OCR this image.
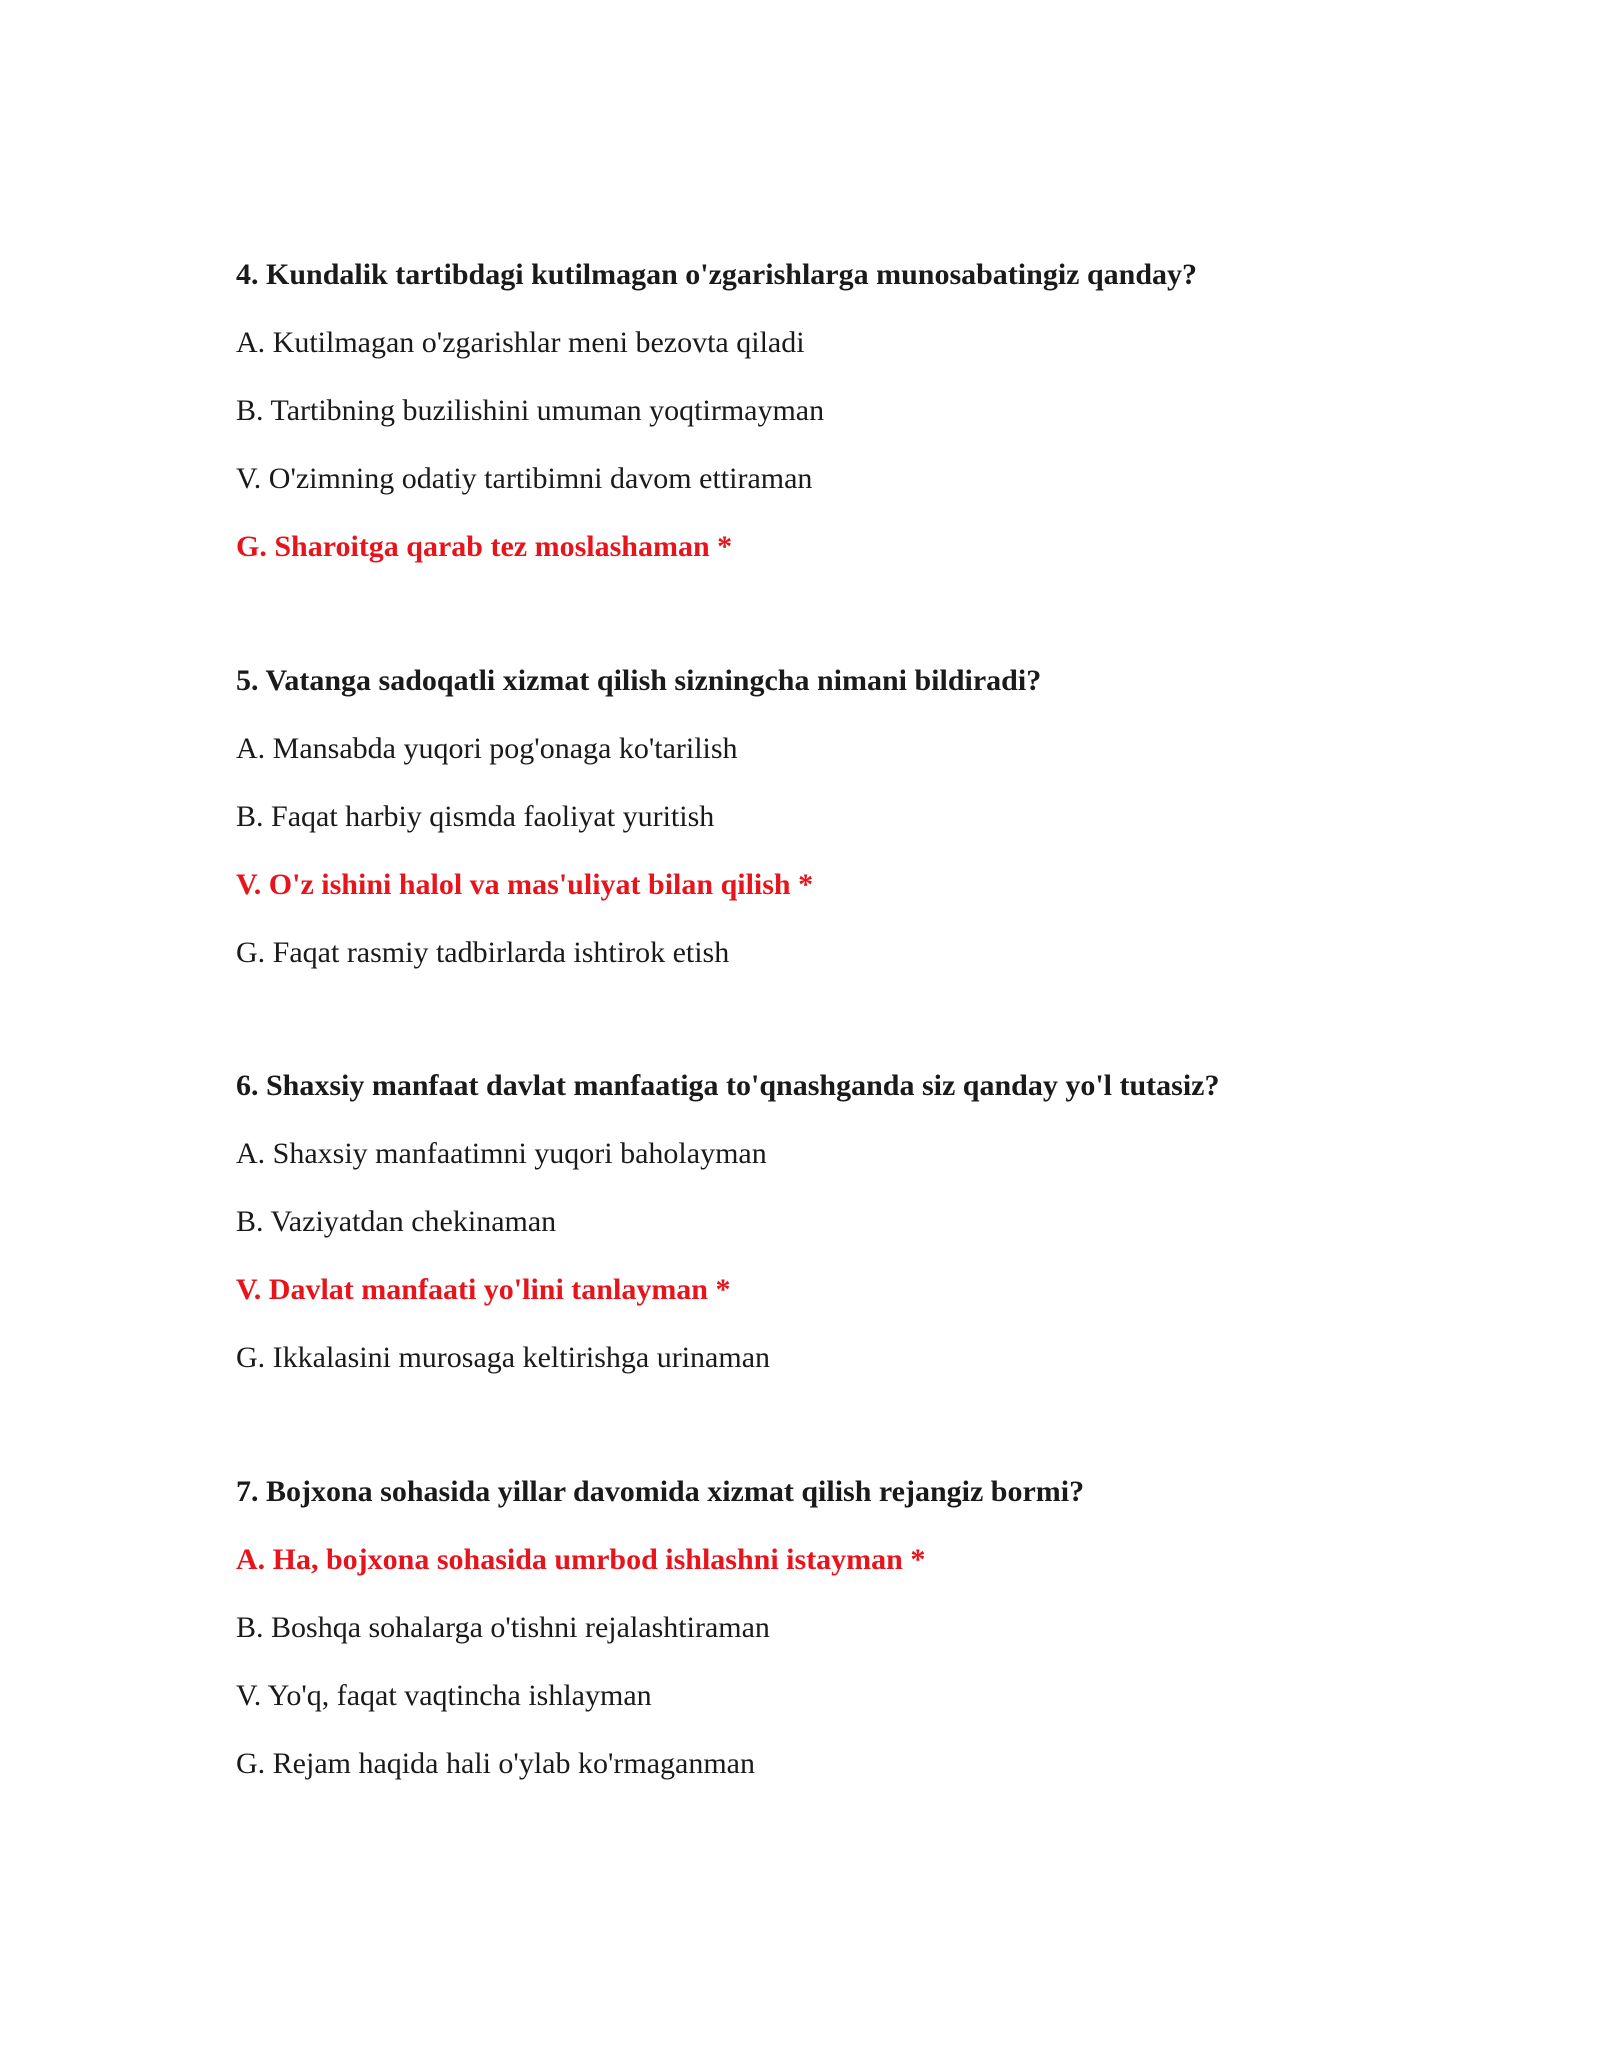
4. Kundalik tartibdagi kutilmagan o'zgarishlarga munosabatingiz qanday?

A. Kutilmagan o'zgarishlar meni bezovta qiladi

B. Tartibning buzilishini umuman yoqtirmayman

V. O'zimning odatiy tartibimni davom ettiraman

G. Sharoitga qarab tez moslashaman *

5. Vatanga sadoqatli xizmat qilish sizningcha nimani bildiradi?

A. Mansabda yuqori pog'onaga ko'tarilish

B. Faqat harbiy qismda faoliyat yuritish

V. O'z ishini halol va mas'uliyat bilan qilish *

G. Faqat rasmiy tadbirlarda ishtirok etish

6. Shaxsiy manfaat davlat manfaatiga to'qnashganda siz qanday yo'l tutasiz?

A. Shaxsiy manfaatimni yuqori baholayman

B. Vaziyatdan chekinaman

V. Davlat manfaati yo'lini tanlayman *

G. Ikkalasini murosaga keltirishga urinaman

7. Bojxona sohasida yillar davomida xizmat qilish rejangiz bormi?

A. Ha, bojxona sohasida umrbod ishlashni istayman *

B. Boshqa sohalarga o'tishni rejalashtiraman

V. Yo'q, faqat vaqtincha ishlayman

G. Rejam haqida hali o'ylab ko'rmaganman
